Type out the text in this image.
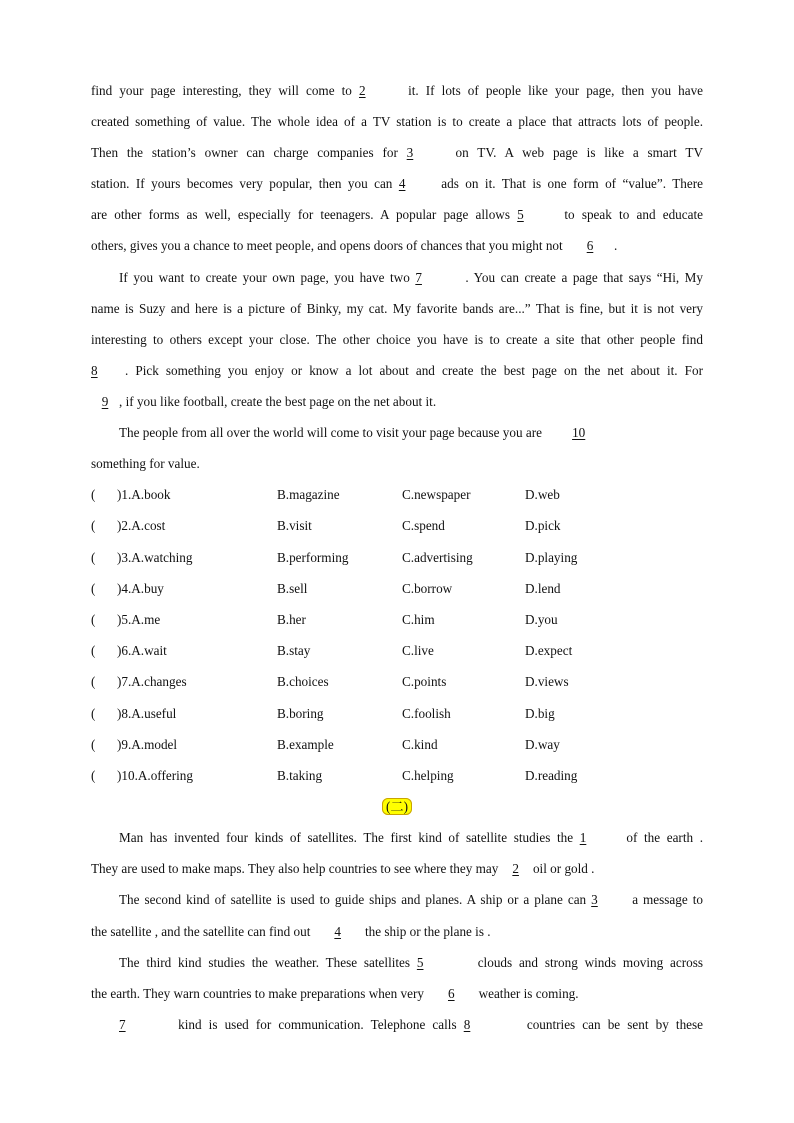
find your page interesting, they will come to 2	it. If lots of people like your page, then you have
created something of value. The whole idea of a TV station is to create a place that attracts lots of people.
Then the station’s owner can charge companies for 3	on TV. A web page is like a smart TV
station. If yours becomes very popular, then you can 4	ads on it. That is one form of “value”. There
are other forms as well, especially for teenagers. A popular page allows 5	to speak to and educate
others, gives you a chance to meet people, and opens doors of chances that you might not 6 .
If you want to create your own page, you have two 7	. You can create a page that says “Hi, My
name is Suzy and here is a picture of Binky, my cat. My favorite bands are...” That is fine, but it is not very
interesting to others except your close. The other choice you have is to create a site that other people find
8 . Pick something you enjoy or know a lot about and create the best page on the net about it. For
9 , if you like football, create the best page on the net about it.
The people from all over the world will come to visit your page because you are 10
something for value.
( )1.A.book	B.magazine	C.newspaper	D.web
( )2.A.cost	B.visit	C.spend	D.pick
( )3.A.watching	B.performing	C.advertising	D.playing
( )4.A.buy	B.sell	C.borrow	D.lend
( )5.A.me	B.her	C.him	D.you
( )6.A.wait	B.stay	C.live	D.expect
( )7.A.changes	B.choices	C.points	D.views
( )8.A.useful	B.boring	C.foolish	D.big
( )9.A.model	B.example	C.kind	D.way
( )10.A.offering	B.taking	C.helping	D.reading
(二)
Man has invented four kinds of satellites. The first kind of satellite studies the 1	of the earth .
They are used to make maps. They also help countries to see where they may 2 oil or gold .
The second kind of satellite is used to guide ships and planes. A ship or a plane can 3	a message to
the satellite , and the satellite can find out 4 the ship or the plane is .
The third kind studies the weather. These satellites 5	clouds and strong winds moving across
the earth. They warn countries to make preparations when very 6 weather is coming.
7	kind is used for communication. Telephone calls 8	countries can be sent by these
